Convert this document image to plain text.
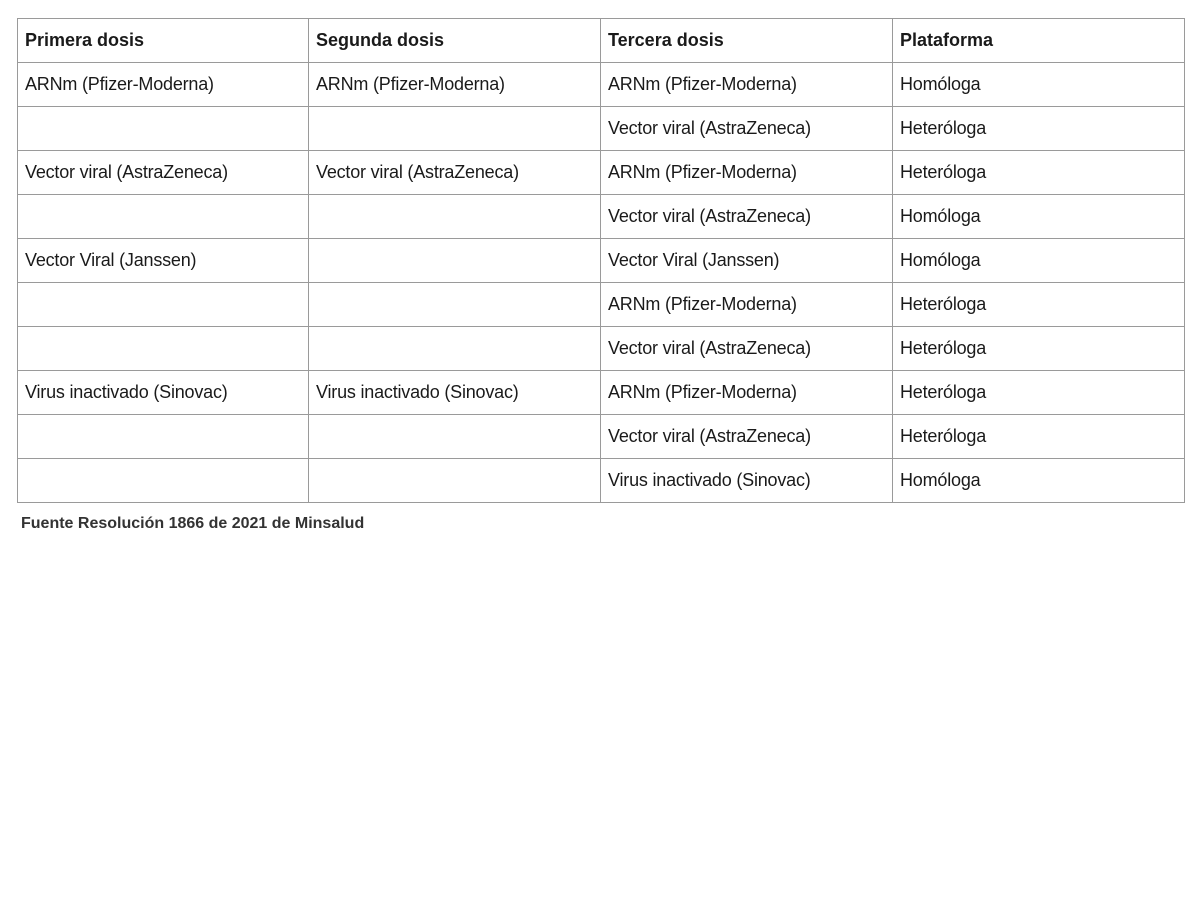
Primera dosis	Segunda dosis	Tercera dosis	Plataforma
ARNm (Pfizer-Moderna)	ARNm (Pfizer-Moderna)	ARNm (Pfizer-Moderna)	Homóloga
		Vector viral (AstraZeneca)	Heteróloga
Vector viral (AstraZeneca)	Vector viral (AstraZeneca)	ARNm (Pfizer-Moderna)	Heteróloga
		Vector viral (AstraZeneca)	Homóloga
Vector Viral (Janssen)		Vector Viral (Janssen)	Homóloga
		ARNm (Pfizer-Moderna)	Heteróloga
		Vector viral (AstraZeneca)	Heteróloga
Virus inactivado (Sinovac)	Virus inactivado (Sinovac)	ARNm (Pfizer-Moderna)	Heteróloga
		Vector viral (AstraZeneca)	Heteróloga
		Virus inactivado (Sinovac)	Homóloga
Fuente Resolución 1866 de 2021 de Minsalud
